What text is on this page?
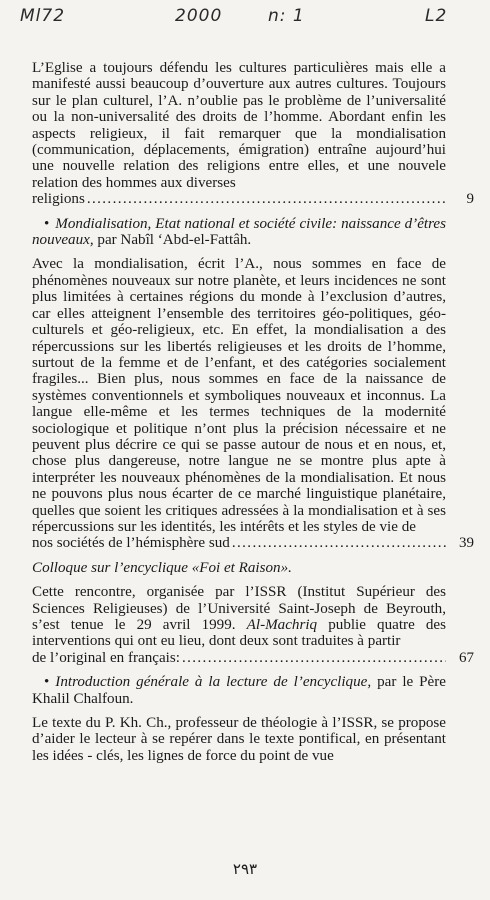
Ml72	2000	n: 1	L2

L’Eglise a toujours défendu les cultures particulières mais elle a manifesté aussi beaucoup d’ouverture aux autres cultures. Toujours sur le plan culturel, l’A. n’oublie pas le problème de l’universalité ou la non-universalité des droits de l’homme. Abordant enfin les aspects religieux, il fait remarquer que la mondialisation (communication, déplacements, émigration) entraîne aujourd’hui une nouvelle relation des religions entre elles, et une nouvele relation des hommes aux diverses

religions . . .	9

• Mondialisation, Etat national et société civile: naissance d’êtres nouveaux, par Nabîl ‘Abd-el-Fattâh.

Avec la mondialisation, écrit l’A., nous sommes en face de phénomènes nouveaux sur notre planète, et leurs incidences ne sont plus limitées à certaines régions du monde à l’exclusion d’autres, car elles atteignent l’ensemble des territoires géo-politiques, géo-culturels et géo-religieux, etc. En effet, la mondialisation a des répercussions sur les libertés religieuses et les droits de l’homme, surtout de la femme et de l’enfant, et des catégories socialement fragiles... Bien plus, nous sommes en face de la naissance de systèmes conventionnels et symboliques nouveaux et inconnus. La langue elle-même et les termes techniques de la modernité sociologique et politique n’ont plus la précision nécessaire et ne peuvent plus décrire ce qui se passe autour de nous et en nous, et, chose plus dangereuse, notre langue ne se montre plus apte à interpréter les nouveaux phénomènes de la mondialisation. Et nous ne pouvons plus nous écarter de ce marché linguistique planétaire, quelles que soient les critiques adressées à la mondialisation et à ses répercussions sur les identités, les intérêts et les styles de vie de

nos sociétés de l’hémisphère sud . . .	39

Colloque sur l’encyclique «Foi et Raison».

Cette rencontre, organisée par l’ISSR (Institut Supérieur des Sciences Religieuses) de l’Université Saint-Joseph de Beyrouth, s’est tenue le 29 avril 1999. Al-Machriq publie quatre des interventions qui ont eu lieu, dont deux sont traduites à partir

de l’original en français: . . .	67

• Introduction générale à la lecture de l’encyclique, par le Père Khalil Chalfoun.

Le texte du P. Kh. Ch., professeur de théologie à l’ISSR, se propose d’aider le lecteur à se repérer dans le texte pontifical, en présentant les idées - clés, les lignes de force du point de vue

٢٩٣
